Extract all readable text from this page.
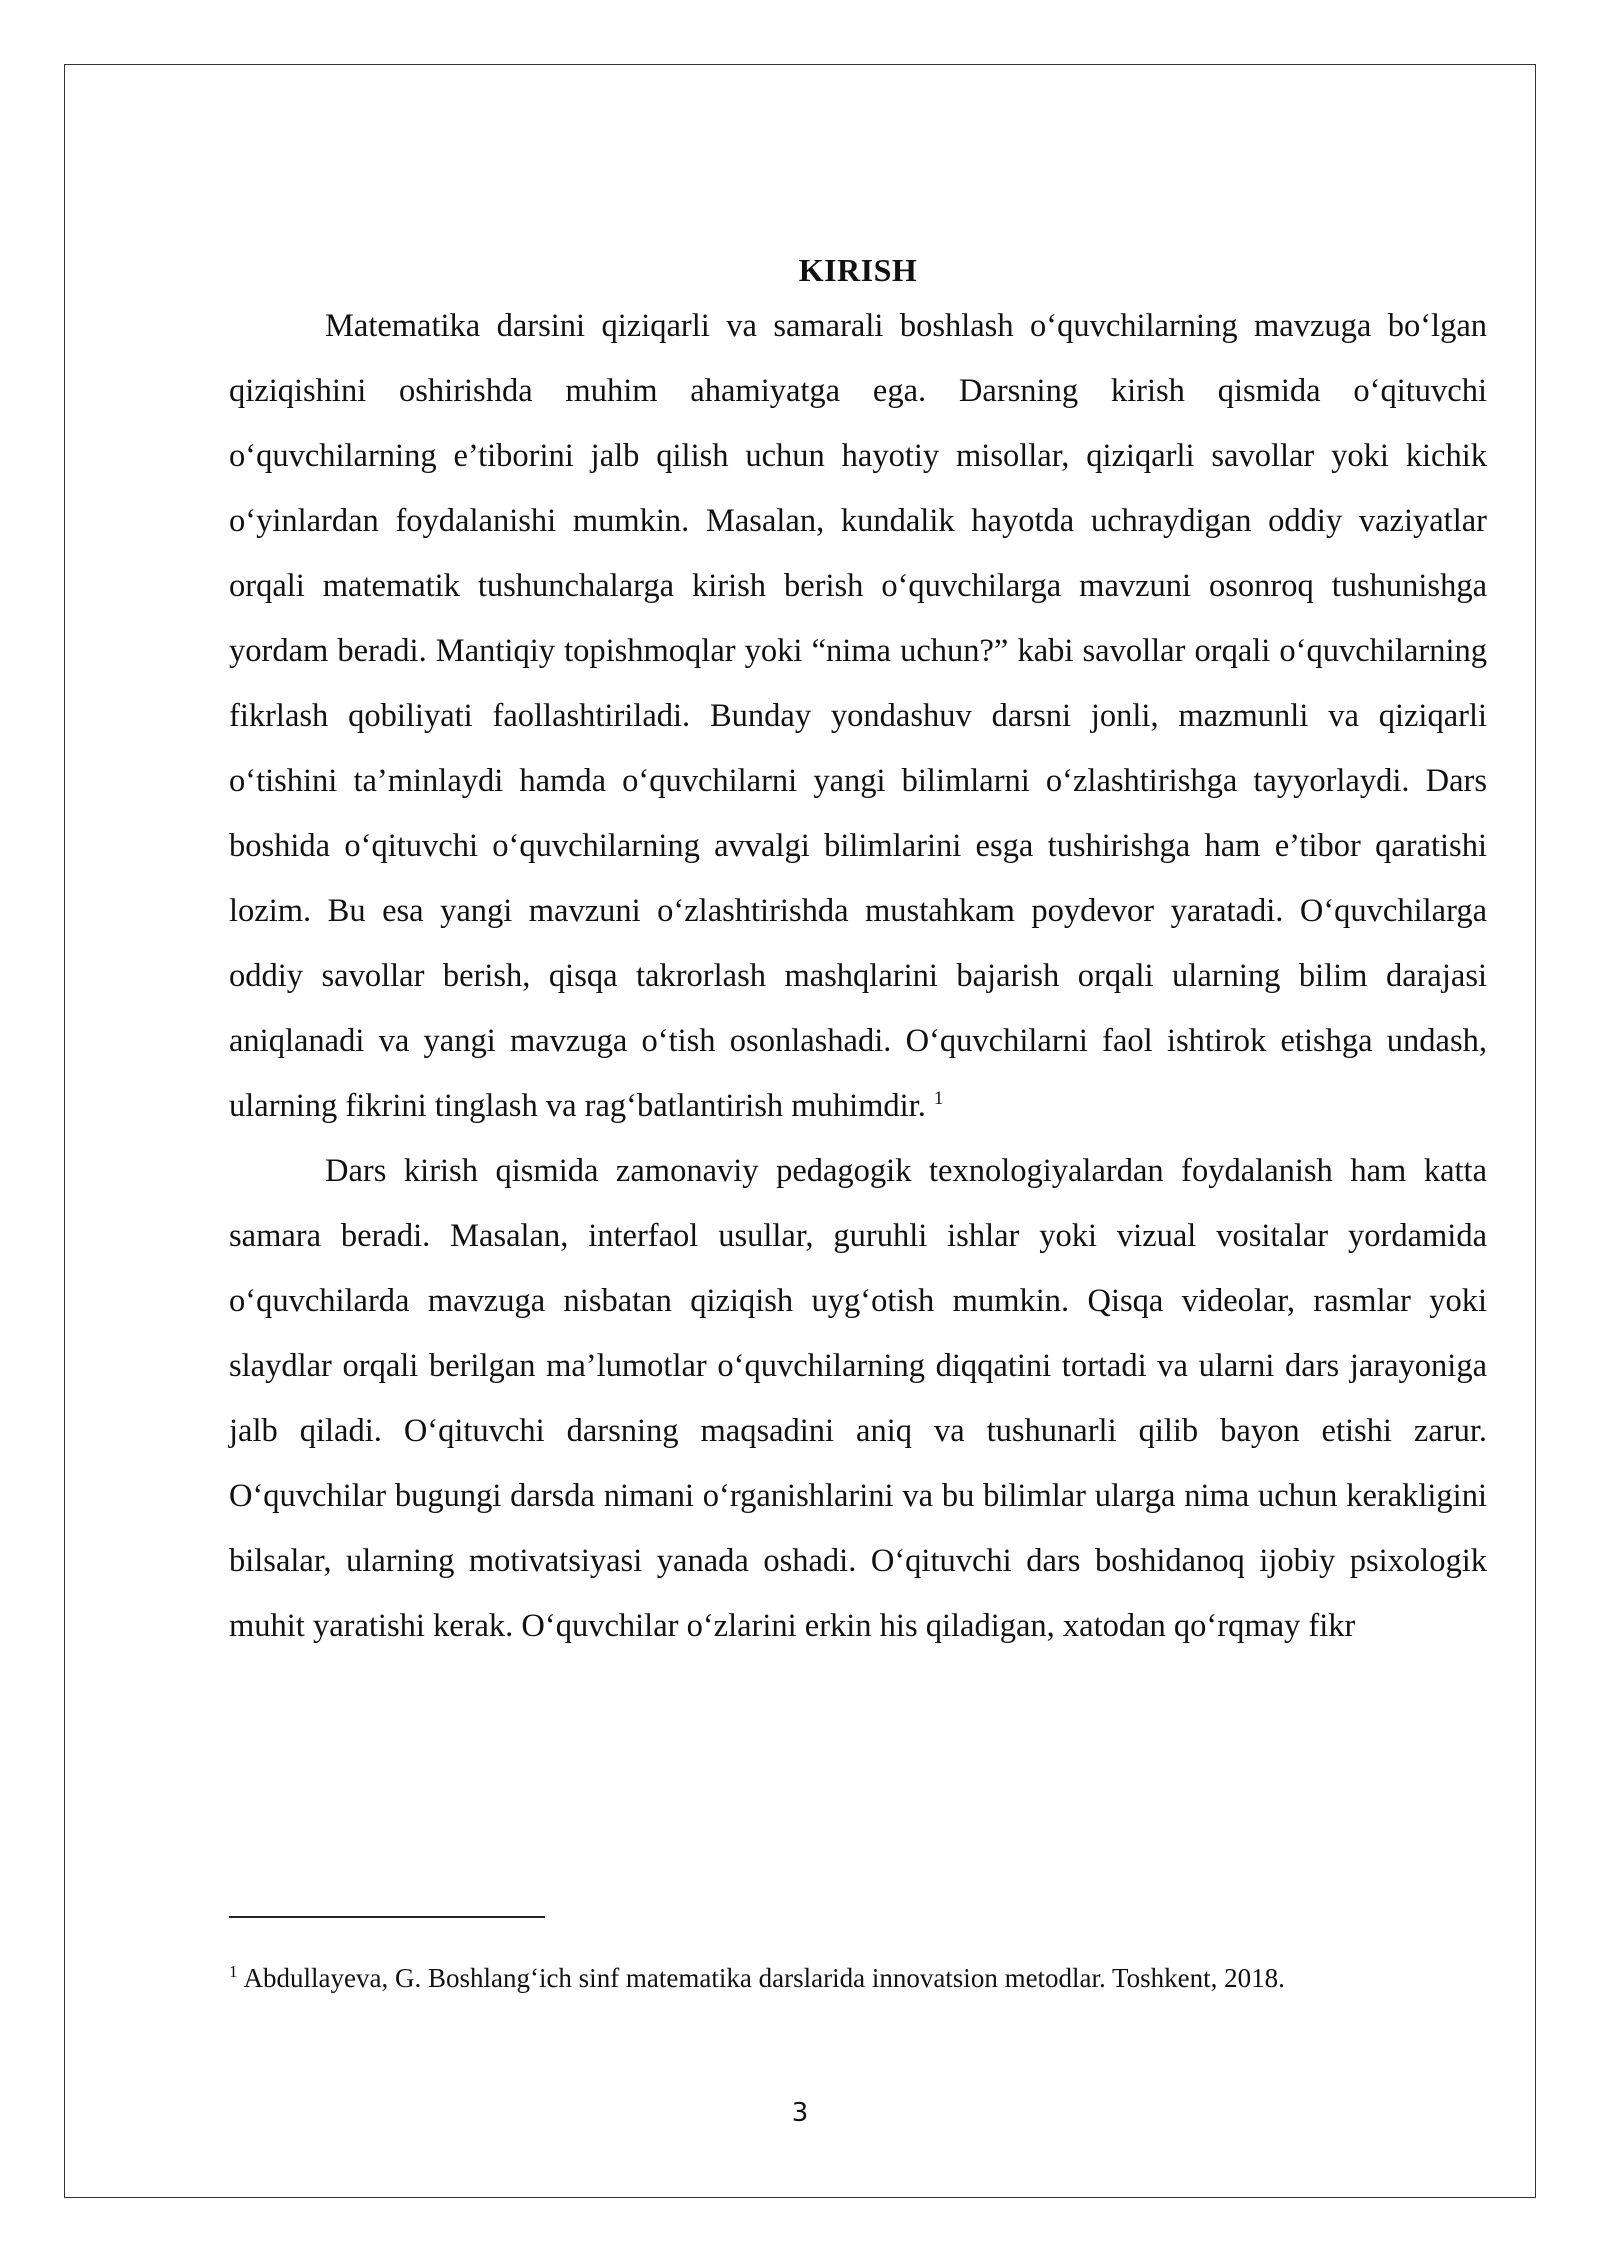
KIRISH

Matematika darsini qiziqarli va samarali boshlash o‘quvchilarning mavzuga bo‘lgan qiziqishini oshirishda muhim ahamiyatga ega. Darsning kirish qismida o‘qituvchi o‘quvchilarning e’tiborini jalb qilish uchun hayotiy misollar, qiziqarli savollar yoki kichik o‘yinlardan foydalanishi mumkin. Masalan, kundalik hayotda uchraydigan oddiy vaziyatlar orqali matematik tushunchalarga kirish berish o‘quvchilarga mavzuni osonroq tushunishga yordam beradi. Mantiqiy topishmoqlar yoki “nima uchun?” kabi savollar orqali o‘quvchilarning fikrlash qobiliyati faollashtiriladi. Bunday yondashuv darsni jonli, mazmunli va qiziqarli o‘tishini ta’minlaydi hamda o‘quvchilarni yangi bilimlarni o‘zlashtirishga tayyorlaydi. Dars boshida o‘qituvchi o‘quvchilarning avvalgi bilimlarini esga tushirishga ham e’tibor qaratishi lozim. Bu esa yangi mavzuni o‘zlashtirishda mustahkam poydevor yaratadi. O‘quvchilarga oddiy savollar berish, qisqa takrorlash mashqlarini bajarish orqali ularning bilim darajasi aniqlanadi va yangi mavzuga o‘tish osonlashadi. O‘quvchilarni faol ishtirok etishga undash, ularning fikrini tinglash va rag‘batlantirish muhimdir. $^1$

Dars kirish qismida zamonaviy pedagogik texnologiyalardan foydalanish ham katta samara beradi. Masalan, interfaol usullar, guruhli ishlar yoki vizual vositalar yordamida o‘quvchilarda mavzuga nisbatan qiziqish uyg‘otish mumkin. Qisqa videolar, rasmlar yoki slaydlar orqali berilgan ma’lumotlar o‘quvchilarning diqqatini tortadi va ularni dars jarayoniga jalb qiladi. O‘qituvchi darsning maqsadini aniq va tushunarli qilib bayon etishi zarur. O‘quvchilar bugungi darsda nimani o‘rganishlarini va bu bilimlar ularga nima uchun kerakligini bilsalar, ularning motivatsiyasi yanada oshadi. O‘qituvchi dars boshidanoq ijobiy psixologik muhit yaratishi kerak. O‘quvchilar o‘zlarini erkin his qiladigan, xatodan qo‘rqmay fikr

$^1$ Abdullayeva, G. Boshlang‘ich sinf matematika darslarida innovatsion metodlar. Toshkent, 2018.
3
